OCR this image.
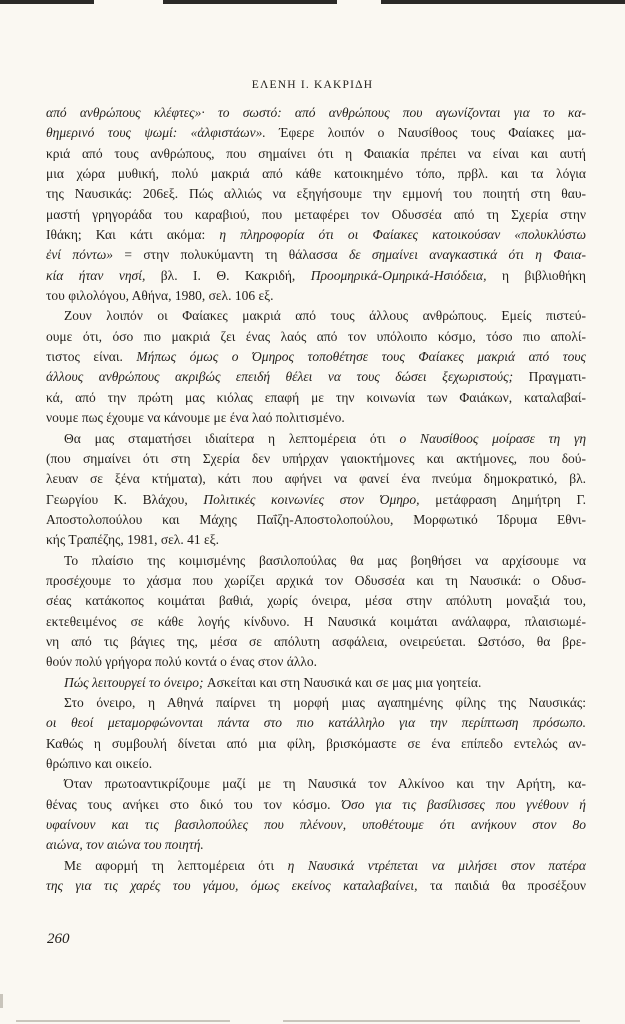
ΕΛΕΝΗ Ι. ΚΑΚΡΙΔΗ
από ανθρώπους κλέφτες»· το σωστό: από ανθρώπους που αγωνίζονται για το κα-
θημερινό τους ψωμί: «ἀλφιστάων». Έφερε λοιπόν ο Ναυσίθοος τους Φαίακες μα-
κριά από τους ανθρώπους, που σημαίνει ότι η Φαιακία πρέπει να είναι και αυτή
μια χώρα μυθική, πολύ μακριά από κάθε κατοικημένο τόπο, πρβλ. και τα λόγια
της Ναυσικάς: 206εξ. Πώς αλλιώς να εξηγήσουμε την εμμονή του ποιητή στη θαυ-
μαστή γρηγοράδα του καραβιού, που μεταφέρει τον Οδυσσέα από τη Σχερία στην
Ιθάκη; Και κάτι ακόμα: η πληροφορία ότι οι Φαίακες κατοικούσαν «πολυκλύστω
ἐνί πόντω» = στην πολυκύμαντη τη θάλασσα δε σημαίνει αναγκαστικά ότι η Φαια-
κία ήταν νησί, βλ. Ι. Θ. Κακριδή, Προομηρικά-Ομηρικά-Ησιόδεια, η βιβλιοθήκη
του φιλολόγου, Αθήνα, 1980, σελ. 106 εξ.
Ζουν λοιπόν οι Φαίακες μακριά από τους άλλους ανθρώπους. Εμείς πιστεύ-
ουμε ότι, όσο πιο μακριά ζει ένας λαός από τον υπόλοιπο κόσμο, τόσο πιο απολί-
τιστος είναι. Μήπως όμως ο Όμηρος τοποθέτησε τους Φαίακες μακριά από τους
άλλους ανθρώπους ακριβώς επειδή θέλει να τους δώσει ξεχωριστούς; Πραγματι-
κά, από την πρώτη μας κιόλας επαφή με την κοινωνία των Φαιάκων, καταλαβαί-
νουμε πως έχουμε να κάνουμε με ένα λαό πολιτισμένο.
Θα μας σταματήσει ιδιαίτερα η λεπτομέρεια ότι ο Ναυσίθοος μοίρασε τη γη
(που σημαίνει ότι στη Σχερία δεν υπήρχαν γαιοκτήμονες και ακτήμονες, που δού-
λευαν σε ξένα κτήματα), κάτι που αφήνει να φανεί ένα πνεύμα δημοκρατικό, βλ.
Γεωργίου Κ. Βλάχου, Πολιτικές κοινωνίες στον Όμηρο, μετάφραση Δημήτρη Γ.
Αποστολοπούλου και Μάχης Παΐζη-Αποστολοπούλου, Μορφωτικό Ίδρυμα Εθνι-
κής Τραπέζης, 1981, σελ. 41 εξ.
Το πλαίσιο της κοιμισμένης βασιλοπούλας θα μας βοηθήσει να αρχίσουμε να
προσέχουμε το χάσμα που χωρίζει αρχικά τον Οδυσσέα και τη Ναυσικά: ο Οδυσ-
σέας κατάκοπος κοιμάται βαθιά, χωρίς όνειρα, μέσα στην απόλυτη μοναξιά του,
εκτεθειμένος σε κάθε λογής κίνδυνο. Η Ναυσικά κοιμάται ανάλαφρα, πλαισιωμέ-
νη από τις βάγιες της, μέσα σε απόλυτη ασφάλεια, ονειρεύεται. Ωστόσο, θα βρε-
θούν πολύ γρήγορα πολύ κοντά ο ένας στον άλλο.
Πώς λειτουργεί το όνειρο; Ασκείται και στη Ναυσικά και σε μας μια γοητεία.
Στο όνειρο, η Αθηνά παίρνει τη μορφή μιας αγαπημένης φίλης της Ναυσικάς:
οι θεοί μεταμορφώνονται πάντα στο πιο κατάλληλο για την περίπτωση πρόσωπο.
Καθώς η συμβουλή δίνεται από μια φίλη, βρισκόμαστε σε ένα επίπεδο εντελώς αν-
θρώπινο και οικείο.
Όταν πρωτοαντικρίζουμε μαζί με τη Ναυσικά τον Αλκίνοο και την Αρήτη, κα-
θένας τους ανήκει στο δικό του τον κόσμο. Όσο για τις βασίλισσες που γνέθουν ή
υφαίνουν και τις βασιλοπούλες που πλένουν, υποθέτουμε ότι ανήκουν στον 8ο
αιώνα, τον αιώνα του ποιητή.
Με αφορμή τη λεπτομέρεια ότι η Ναυσικά ντρέπεται να μιλήσει στον πατέρα
της για τις χαρές του γάμου, όμως εκείνος καταλαβαίνει, τα παιδιά θα προσέξουν
260
